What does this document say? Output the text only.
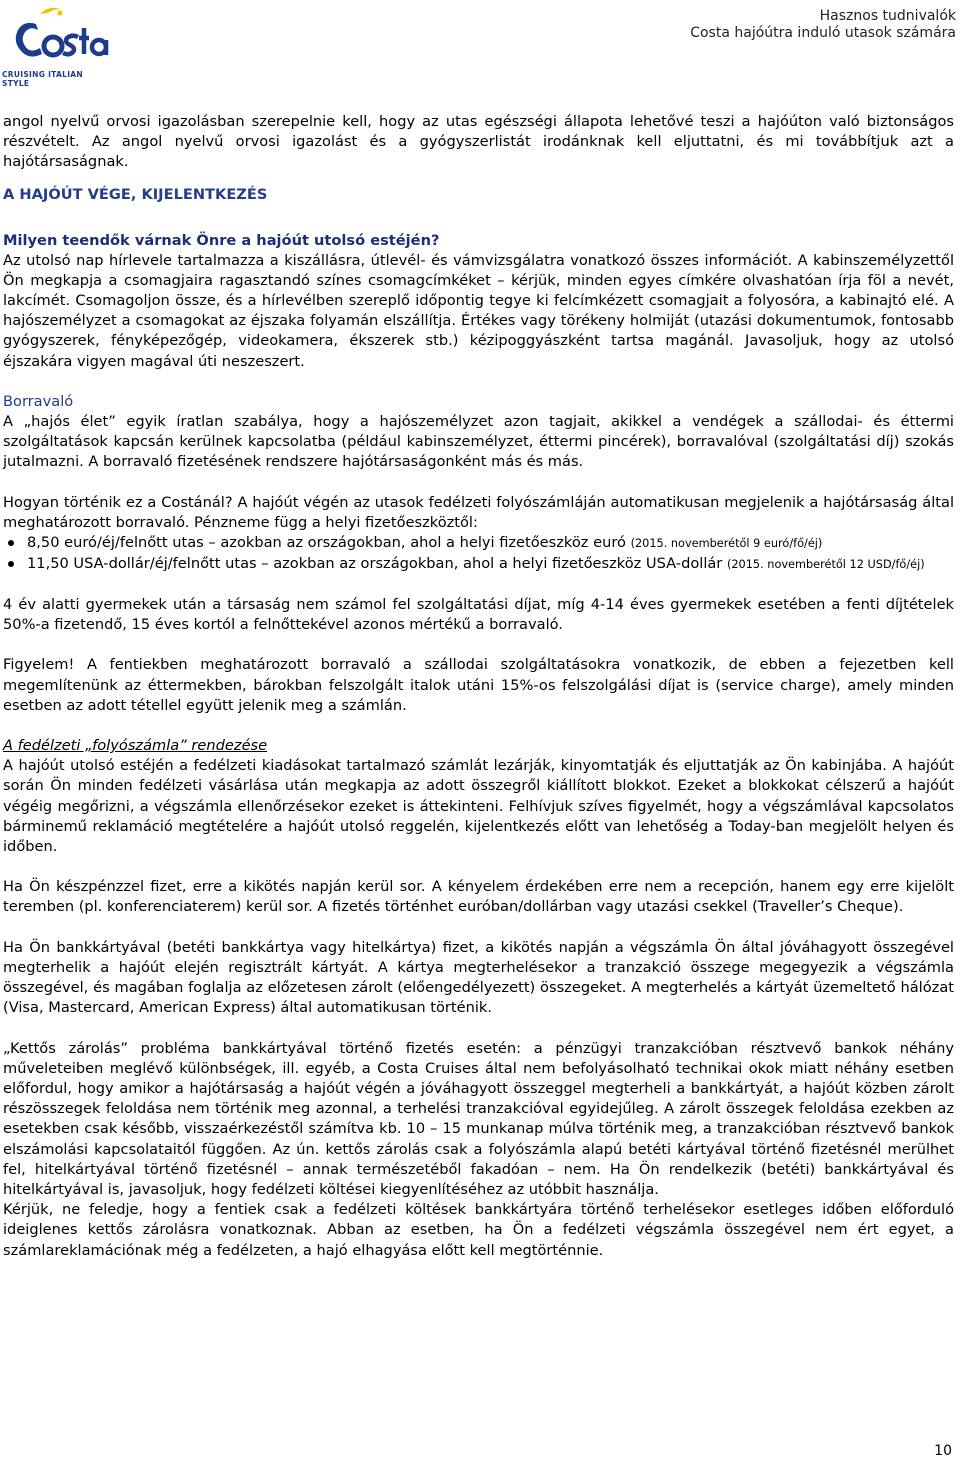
CRUISING ITALIAN STYLE
Hasznos tudnivalók
Costa hajóútra induló utasok számára

angol nyelvű orvosi igazolásban szerepelnie kell, hogy az utas egészségi állapota lehetővé teszi a hajóúton való biztonságos részvételt. Az angol nyelvű orvosi igazolást és a gyógyszerlistát irodánknak kell eljuttatni, és mi továbbítjuk azt a hajótársaságnak.

A HAJÓÚT VÉGE, KIJELENTKEZÉS
Milyen teendők várnak Önre a hajóút utolsó estéjén?

Az utolsó nap hírlevele tartalmazza a kiszállásra, útlevél- és vámvizsgálatra vonatkozó összes információt. A kabinszemélyzettől Ön megkapja a csomagjaira ragasztandó színes csomagcímkéket – kérjük, minden egyes címkére olvashatóan írja föl a nevét, lakcímét. Csomagoljon össze, és a hírlevélben szereplő időpontig tegye ki felcímkézett csomagjait a folyosóra, a kabinajtó elé. A hajószemélyzet a csomagokat az éjszaka folyamán elszállítja. Értékes vagy törékeny holmiját (utazási dokumentumok, fontosabb gyógyszerek, fényképezőgép, videokamera, ékszerek stb.) kézipoggyászként tartsa magánál. Javasoljuk, hogy az utolsó éjszakára vigyen magával úti neszeszert.

Borravaló

A „hajós élet” egyik íratlan szabálya, hogy a hajószemélyzet azon tagjait, akikkel a vendégek a szállodai- és éttermi szolgáltatások kapcsán kerülnek kapcsolatba (például kabinszemélyzet, éttermi pincérek), borravalóval (szolgáltatási díj) szokás jutalmazni. A borravaló fizetésének rendszere hajótársaságonként más és más.

Hogyan történik ez a Costánál? A hajóút végén az utasok fedélzeti folyószámláján automatikusan megjelenik a hajótársaság által meghatározott borravaló. Pénzneme függ a helyi fizetőeszköztől:

8,50 euró/éj/felnőtt utas – azokban az országokban, ahol a helyi fizetőeszköz euró (2015. novemberétől 9 euró/fő/éj)
11,50 USA-dollár/éj/felnőtt utas – azokban az országokban, ahol a helyi fizetőeszköz USA-dollár (2015. novemberétől 12 USD/fő/éj)

4 év alatti gyermekek után a társaság nem számol fel szolgáltatási díjat, míg 4-14 éves gyermekek esetében a fenti díjtételek 50%-a fizetendő, 15 éves kortól a felnőttekével azonos mértékű a borravaló.

Figyelem! A fentiekben meghatározott borravaló a szállodai szolgáltatásokra vonatkozik, de ebben a fejezetben kell megemlítenünk az éttermekben, bárokban felszolgált italok utáni 15%-os felszolgálási díjat is (service charge), amely minden esetben az adott tétellel együtt jelenik meg a számlán.

A fedélzeti „folyószámla” rendezése

A hajóút utolsó estéjén a fedélzeti kiadásokat tartalmazó számlát lezárják, kinyomtatják és eljuttatják az Ön kabinjába. A hajóút során Ön minden fedélzeti vásárlása után megkapja az adott összegről kiállított blokkot. Ezeket a blokkokat célszerű a hajóút végéig megőrizni, a végszámla ellenőrzésekor ezeket is áttekinteni. Felhívjuk szíves figyelmét, hogy a végszámlával kapcsolatos bárminemű reklamáció megtételére a hajóút utolsó reggelén, kijelentkezés előtt van lehetőség a Today-ban megjelölt helyen és időben.

Ha Ön készpénzzel fizet, erre a kikötés napján kerül sor. A kényelem érdekében erre nem a recepción, hanem egy erre kijelölt teremben (pl. konferenciaterem) kerül sor. A fizetés történhet euróban/dollárban vagy utazási csekkel (Traveller’s Cheque).

Ha Ön bankkártyával (betéti bankkártya vagy hitelkártya) fizet, a kikötés napján a végszámla Ön által jóváhagyott összegével megterhelik a hajóút elején regisztrált kártyát. A kártya megterhelésekor a tranzakció összege megegyezik a végszámla összegével, és magában foglalja az előzetesen zárolt (előengedélyezett) összegeket. A megterhelés a kártyát üzemeltető hálózat (Visa, Mastercard, American Express) által automatikusan történik.

„Kettős zárolás” probléma bankkártyával történő fizetés esetén: a pénzügyi tranzakcióban résztvevő bankok néhány műveleteiben meglévő különbségek, ill. egyéb, a Costa Cruises által nem befolyásolható technikai okok miatt néhány esetben előfordul, hogy amikor a hajótársaság a hajóút végén a jóváhagyott összeggel megterheli a bankkártyát, a hajóút közben zárolt részösszegek feloldása nem történik meg azonnal, a terhelési tranzakcióval egyidejűleg. A zárolt összegek feloldása ezekben az esetekben csak később, visszaérkezéstől számítva kb. 10 – 15 munkanap múlva történik meg, a tranzakcióban résztvevő bankok elszámolási kapcsolataitól függően. Az ún. kettős zárolás csak a folyószámla alapú betéti kártyával történő fizetésnél merülhet fel, hitelkártyával történő fizetésnél – annak természetéből fakadóan – nem. Ha Ön rendelkezik (betéti) bankkártyával és hitelkártyával is, javasoljuk, hogy fedélzeti költései kiegyenlítéséhez az utóbbit használja.

Kérjük, ne feledje, hogy a fentiek csak a fedélzeti költések bankkártyára történő terhelésekor esetleges időben előforduló ideiglenes kettős zárolásra vonatkoznak. Abban az esetben, ha Ön a fedélzeti végszámla összegével nem ért egyet, a számlareklamációnak még a fedélzeten, a hajó elhagyása előtt kell megtörténnie.

10
